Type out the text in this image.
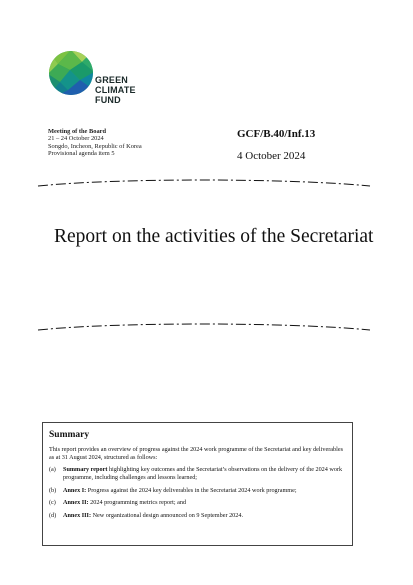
GREEN
CLIMATE
FUND
Meeting of the Board
21 – 24 October 2024
Songdo, Incheon, Republic of Korea
Provisional agenda item 5
GCF/B.40/Inf.13
4 October 2024
Report on the activities of the Secretariat
Summary
This report provides an overview of progress against the 2024 work programme of the Secretariat and key deliverables as at 31 August 2024, structured as follows:
(a) Summary report highlighting key outcomes and the Secretariat’s observations on the delivery of the 2024 work programme, including challenges and lessons learned;
(b) Annex I: Progress against the 2024 key deliverables in the Secretariat 2024 work programme;
(c) Annex II: 2024 programming metrics report; and
(d) Annex III: New organizational design announced on 9 September 2024.
